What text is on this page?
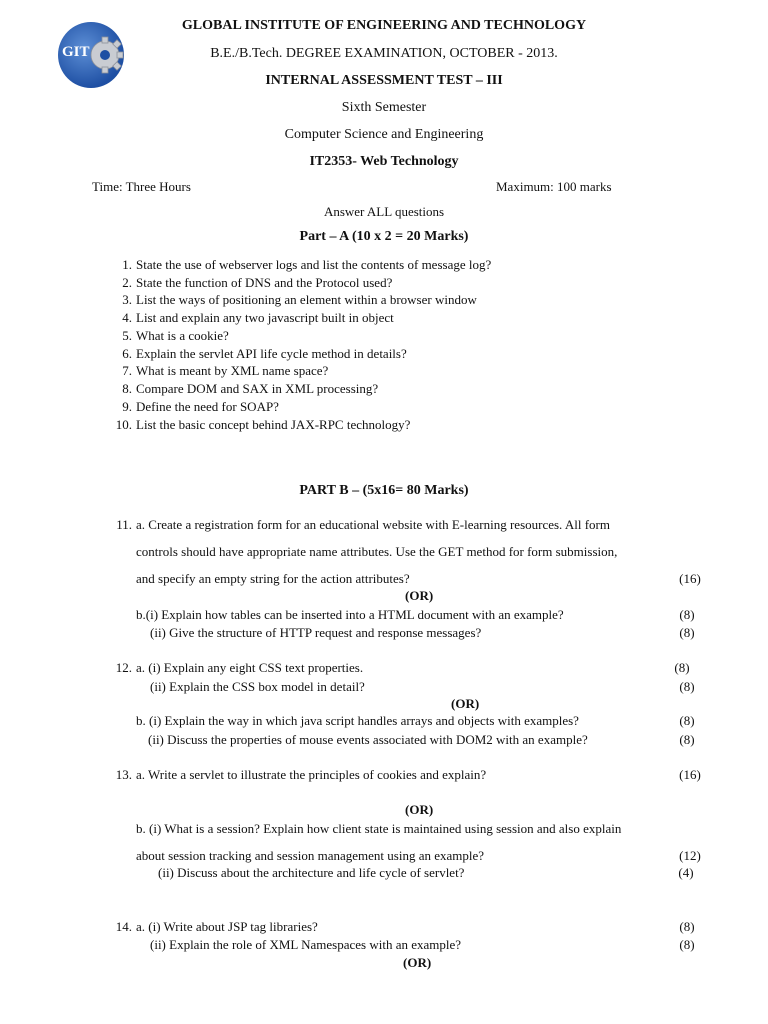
GIT
GLOBAL INSTITUTE OF ENGINEERING AND TECHNOLOGY
B.E./B.Tech. DEGREE EXAMINATION, OCTOBER - 2013.
INTERNAL ASSESSMENT TEST – III
Sixth Semester
Computer Science and Engineering
IT2353- Web Technology
Time: Three Hours	Maximum: 100 marks
Answer ALL questions
Part – A (10 x 2 = 20 Marks)
1. State the use of webserver logs and list the contents of message log?
2. State the function of DNS and the Protocol used?
3. List the ways of positioning an element within a browser window
4. List and explain any two javascript built in object
5. What is a cookie?
6. Explain the servlet API life cycle method in details?
7. What is meant by XML name space?
8. Compare DOM and SAX in XML processing?
9. Define the need for SOAP?
10. List the basic concept behind JAX-RPC technology?
PART B – (5x16= 80 Marks)
11. a. Create a registration form for an educational website with E-learning resources. All form
controls should have appropriate name attributes. Use the GET method for form submission,
and specify an empty string for the action attributes?	(16)
(OR)
b.(i) Explain how tables can be inserted into a HTML document with an example?	(8)
(ii) Give the structure of HTTP request and response messages?	(8)
12. a. (i) Explain any eight CSS text properties.	(8)
(ii) Explain the CSS box model in detail?	(8)
(OR)
b. (i) Explain the way in which java script handles arrays and objects with examples?	(8)
(ii) Discuss the properties of mouse events associated with DOM2 with an example?	(8)
13. a. Write a servlet to illustrate the principles of cookies and explain?	(16)
(OR)
b. (i) What is a session? Explain how client state is maintained using session and also explain
about session tracking and session management using an example?	(12)
(ii) Discuss about the architecture and life cycle of servlet?	(4)
14. a. (i) Write about JSP tag libraries?	(8)
(ii) Explain the role of XML Namespaces with an example?	(8)
(OR)
